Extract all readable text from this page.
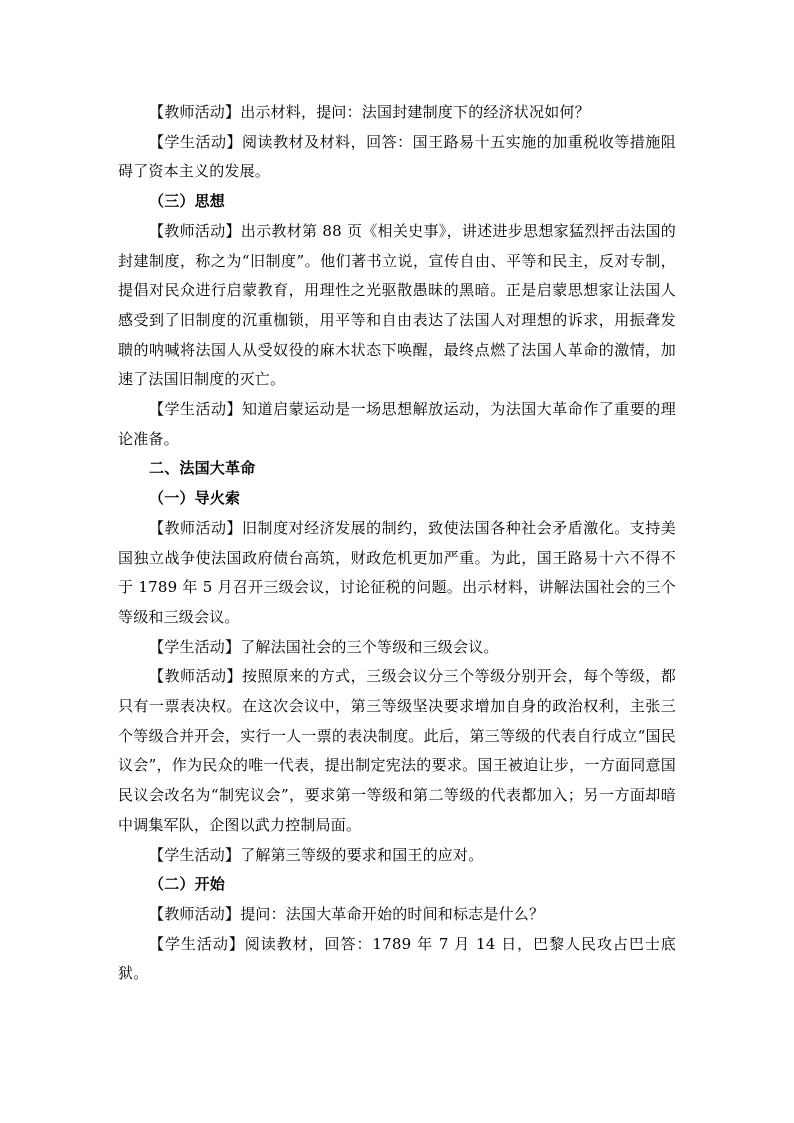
【教师活动】出示材料，提问：法国封建制度下的经济状况如何？

【学生活动】阅读教材及材料，回答：国王路易十五实施的加重税收等措施阻碍了资本主义的发展。

（三）思想

【教师活动】出示教材第 88 页《相关史事》，讲述进步思想家猛烈抨击法国的封建制度，称之为“旧制度”。他们著书立说，宣传自由、平等和民主，反对专制，提倡对民众进行启蒙教育，用理性之光驱散愚昧的黑暗。正是启蒙思想家让法国人感受到了旧制度的沉重枷锁，用平等和自由表达了法国人对理想的诉求，用振聋发聩的呐喊将法国人从受奴役的麻木状态下唤醒，最终点燃了法国人革命的激情，加速了法国旧制度的灭亡。

【学生活动】知道启蒙运动是一场思想解放运动，为法国大革命作了重要的理论准备。

二、法国大革命

（一）导火索

【教师活动】旧制度对经济发展的制约，致使法国各种社会矛盾激化。支持美国独立战争使法国政府债台高筑，财政危机更加严重。为此，国王路易十六不得不于 1789 年 5 月召开三级会议，讨论征税的问题。出示材料，讲解法国社会的三个等级和三级会议。

【学生活动】了解法国社会的三个等级和三级会议。

【教师活动】按照原来的方式，三级会议分三个等级分别开会，每个等级，都只有一票表决权。在这次会议中，第三等级坚决要求增加自身的政治权利，主张三个等级合并开会，实行一人一票的表决制度。此后，第三等级的代表自行成立“国民议会”，作为民众的唯一代表，提出制定宪法的要求。国王被迫让步，一方面同意国民议会改名为“制宪议会”，要求第一等级和第二等级的代表都加入；另一方面却暗中调集军队，企图以武力控制局面。

【学生活动】了解第三等级的要求和国王的应对。

（二）开始

【教师活动】提问：法国大革命开始的时间和标志是什么？

【学生活动】阅读教材，回答：1789 年 7 月 14 日，巴黎人民攻占巴士底狱。
